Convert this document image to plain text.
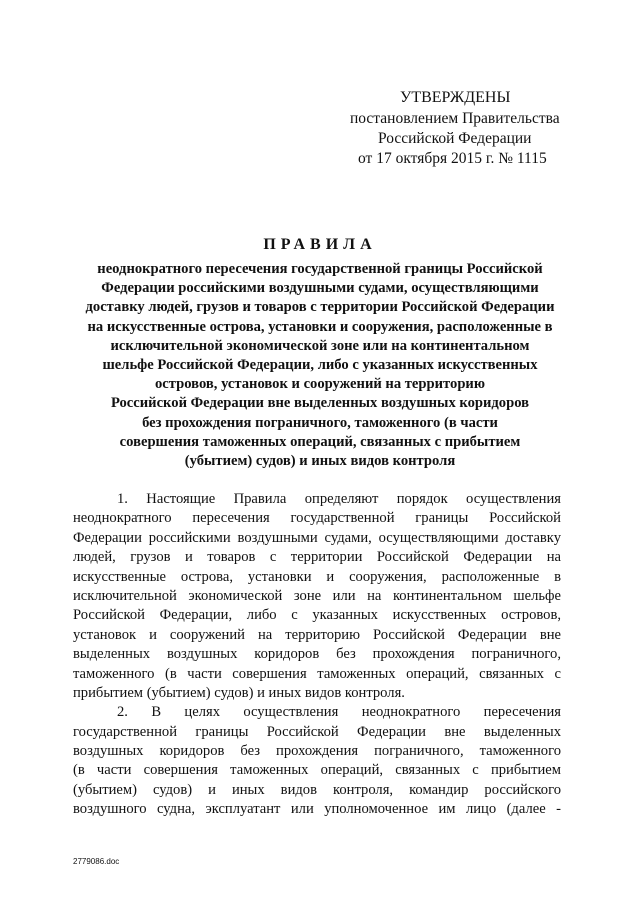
УТВЕРЖДЕНЫ
постановлением Правительства
Российской Федерации
от 17 октября 2015 г. № 1115
ПРАВИЛА
неоднократного пересечения государственной границы Российской
Федерации российскими воздушными судами, осуществляющими
доставку людей, грузов и товаров с территории Российской Федерации
на искусственные острова, установки и сооружения, расположенные в
исключительной экономической зоне или на континентальном
шельфе Российской Федерации, либо с указанных искусственных
островов, установок и сооружений на территорию
Российской Федерации вне выделенных воздушных коридоров
без прохождения пограничного, таможенного (в части
совершения таможенных операций, связанных с прибытием
(убытием) судов) и иных видов контроля
1. Настоящие Правила определяют порядок осуществления
неоднократного пересечения государственной границы Российской
Федерации российскими воздушными судами, осуществляющими доставку
людей, грузов и товаров с территории Российской Федерации на
искусственные острова, установки и сооружения, расположенные в
исключительной экономической зоне или на континентальном шельфе
Российской Федерации, либо с указанных искусственных островов,
установок и сооружений на территорию Российской Федерации вне
выделенных воздушных коридоров без прохождения пограничного,
таможенного (в части совершения таможенных операций, связанных с
прибытием (убытием) судов) и иных видов контроля.
2. В целях осуществления неоднократного пересечения
государственной границы Российской Федерации вне выделенных
воздушных коридоров без прохождения пограничного, таможенного
(в части совершения таможенных операций, связанных с прибытием
(убытием) судов) и иных видов контроля, командир российского
воздушного судна, эксплуатант или уполномоченное им лицо (далее -
2779086.doc
